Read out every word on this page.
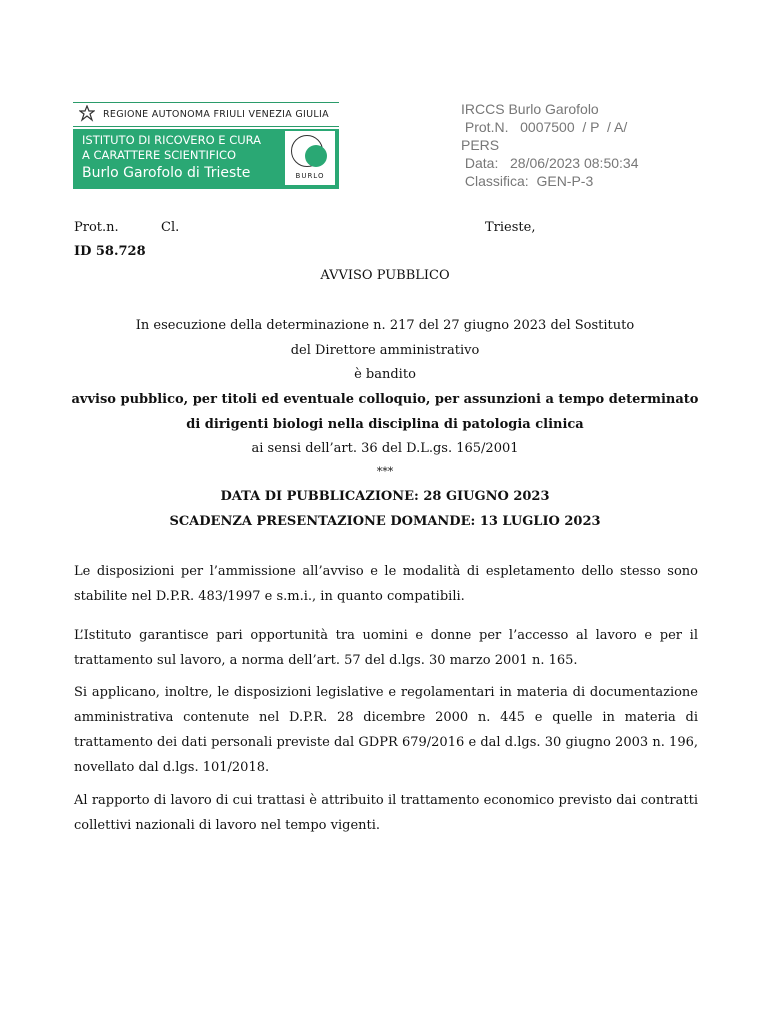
REGIONE AUTONOMA FRIULI VENEZIA GIULIA
ISTITUTO DI RICOVERO E CURA
A CARATTERE SCIENTIFICO
Burlo Garofolo di Trieste	BURLO
IRCCS Burlo Garofolo
Prot.N.   0007500  / P  / A/
PERS
Data:   28/06/2023 08:50:34
Classifica:  GEN-P-3
Prot.n.	Cl.	Trieste,
ID 58.728
AVVISO PUBBLICO
In esecuzione della determinazione n. 217 del 27 giugno 2023 del Sostituto
del Direttore amministrativo
è bandito
avviso pubblico, per titoli ed eventuale colloquio, per assunzioni a tempo determinato
di dirigenti biologi nella disciplina di patologia clinica
ai sensi dell’art. 36 del D.L.gs. 165/2001
***
DATA DI PUBBLICAZIONE: 28 GIUGNO 2023
SCADENZA PRESENTAZIONE DOMANDE: 13 LUGLIO 2023
Le disposizioni per l’ammissione all’avviso e le modalità di espletamento dello stesso sono stabilite nel D.P.R. 483/1997 e s.m.i., in quanto compatibili.
L’Istituto garantisce pari opportunità tra uomini e donne per l’accesso al lavoro e per il trattamento sul lavoro, a norma dell’art. 57 del d.lgs. 30 marzo 2001 n. 165.
Si applicano, inoltre, le disposizioni legislative e regolamentari in materia di documentazione amministrativa contenute nel D.P.R. 28 dicembre 2000 n. 445 e quelle in materia di trattamento dei dati personali previste dal GDPR 679/2016 e dal d.lgs. 30 giugno 2003 n. 196, novellato dal d.lgs. 101/2018.
Al rapporto di lavoro di cui trattasi è attribuito il trattamento economico previsto dai contratti collettivi nazionali di lavoro nel tempo vigenti.
